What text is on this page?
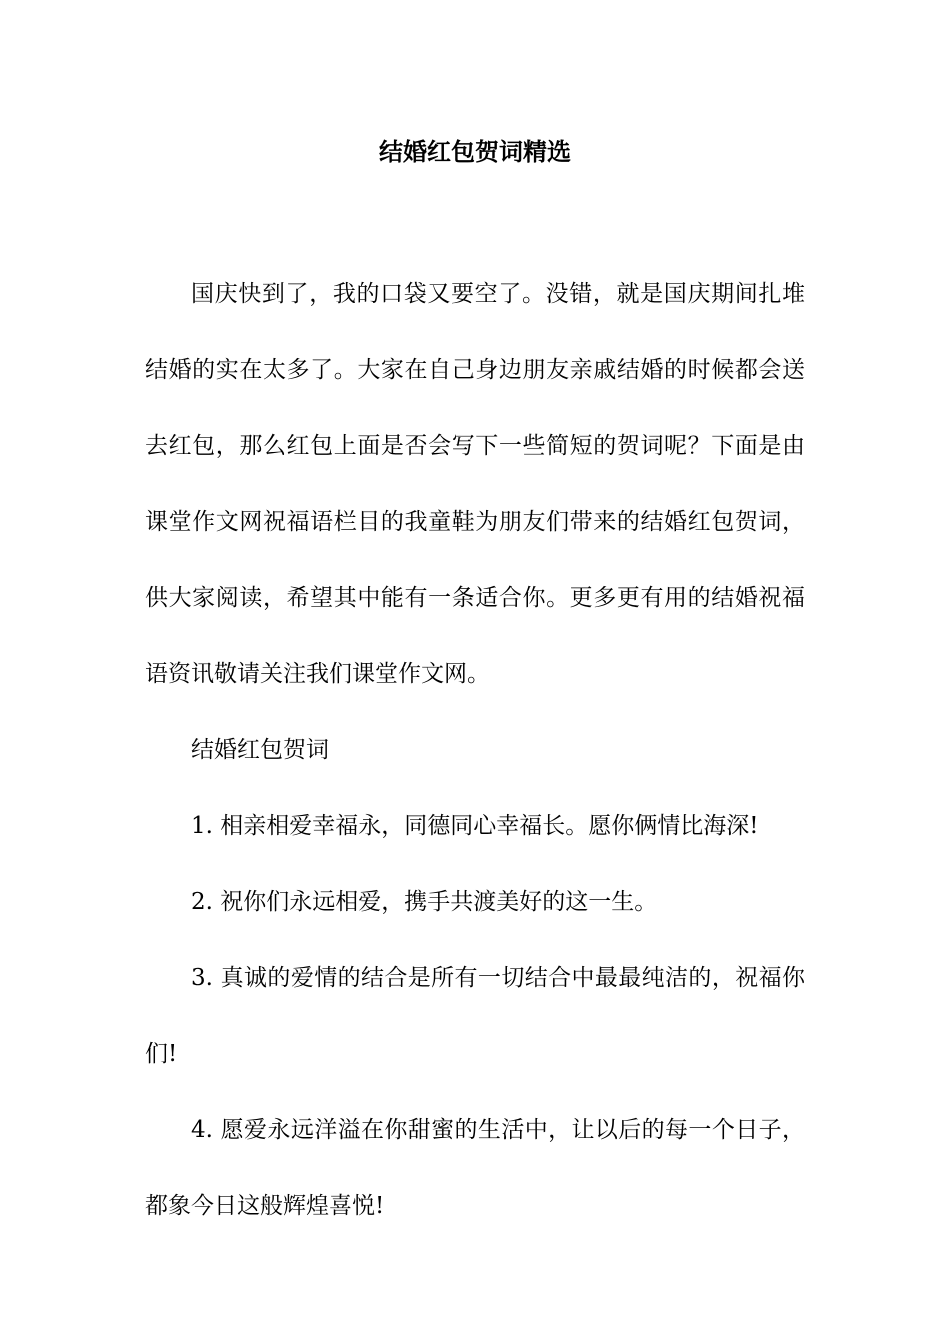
结婚红包贺词精选

国庆快到了，我的口袋又要空了。没错，就是国庆期间扎堆结婚的实在太多了。大家在自己身边朋友亲戚结婚的时候都会送去红包，那么红包上面是否会写下一些简短的贺词呢？下面是由课堂作文网祝福语栏目的我童鞋为朋友们带来的结婚红包贺词，供大家阅读，希望其中能有一条适合你。更多更有用的结婚祝福语资讯敬请关注我们课堂作文网。

结婚红包贺词

1. 相亲相爱幸福永，同德同心幸福长。愿你俩情比海深!

2. 祝你们永远相爱，携手共渡美好的这一生。

3. 真诚的爱情的结合是所有一切结合中最最纯洁的，祝福你们!

4. 愿爱永远洋溢在你甜蜜的生活中，让以后的每一个日子，都象今日这般辉煌喜悦!
